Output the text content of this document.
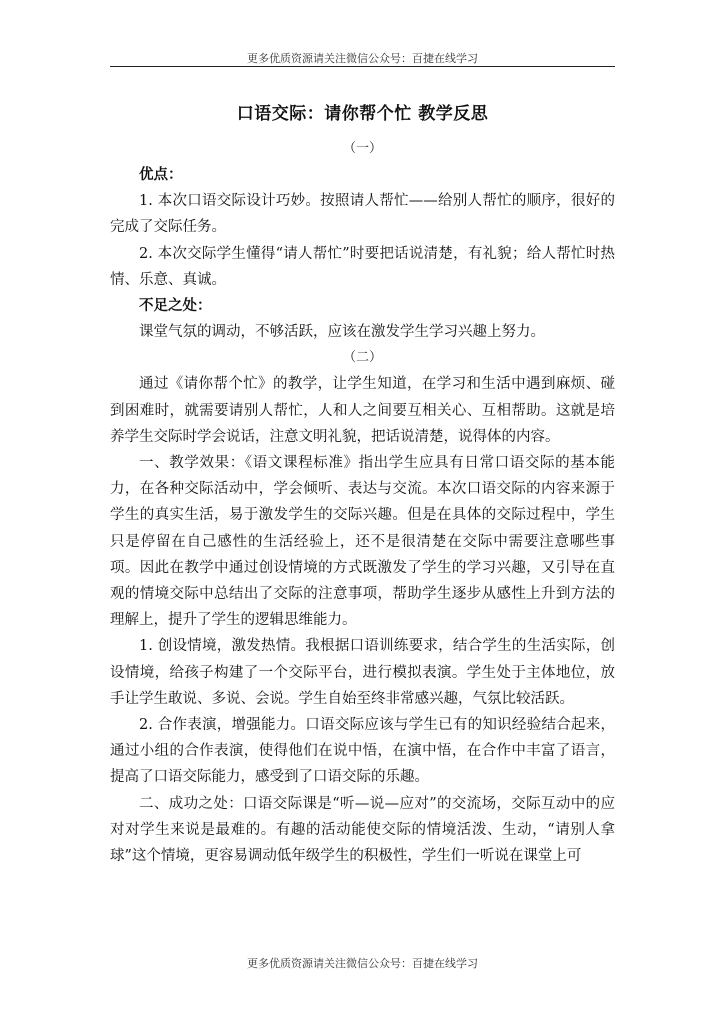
更多优质资源请关注微信公众号：百捷在线学习
口语交际：请你帮个忙 教学反思
（一）

优点：

1. 本次口语交际设计巧妙。按照请人帮忙——给别人帮忙的顺序，很好的完成了交际任务。

2. 本次交际学生懂得“请人帮忙”时要把话说清楚，有礼貌；给人帮忙时热情、乐意、真诚。

不足之处：

课堂气氛的调动，不够活跃，应该在激发学生学习兴趣上努力。

（二）

通过《请你帮个忙》的教学，让学生知道，在学习和生活中遇到麻烦、碰到困难时，就需要请别人帮忙，人和人之间要互相关心、互相帮助。这就是培养学生交际时学会说话，注意文明礼貌，把话说清楚，说得体的内容。

一、教学效果：《语文课程标准》指出学生应具有日常口语交际的基本能力，在各种交际活动中，学会倾听、表达与交流。本次口语交际的内容来源于学生的真实生活，易于激发学生的交际兴趣。但是在具体的交际过程中，学生只是停留在自己感性的生活经验上，还不是很清楚在交际中需要注意哪些事项。因此在教学中通过创设情境的方式既激发了学生的学习兴趣，又引导在直观的情境交际中总结出了交际的注意事项，帮助学生逐步从感性上升到方法的理解上，提升了学生的逻辑思维能力。

1. 创设情境，激发热情。我根据口语训练要求，结合学生的生活实际，创设情境，给孩子构建了一个交际平台，进行模拟表演。学生处于主体地位，放手让学生敢说、多说、会说。学生自始至终非常感兴趣，气氛比较活跃。

2. 合作表演，增强能力。口语交际应该与学生已有的知识经验结合起来，通过小组的合作表演，使得他们在说中悟，在演中悟，在合作中丰富了语言，提高了口语交际能力，感受到了口语交际的乐趣。

二、成功之处：口语交际课是“听—说—应对”的交流场，交际互动中的应对对学生来说是最难的。有趣的活动能使交际的情境活泼、生动，“请别人拿球”这个情境，更容易调动低年级学生的积极性，学生们一听说在课堂上可

更多优质资源请关注微信公众号：百捷在线学习
